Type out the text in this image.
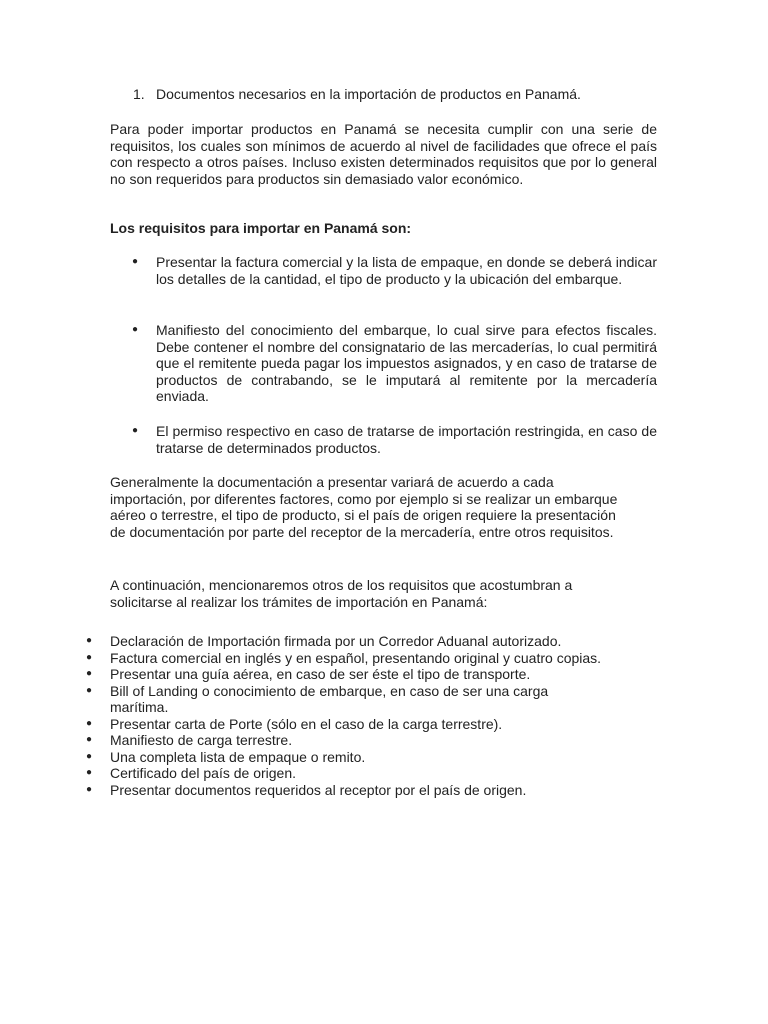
1. Documentos necesarios en la importación de productos en Panamá.
Para poder importar productos en Panamá se necesita cumplir con una serie de requisitos, los cuales son mínimos de acuerdo al nivel de facilidades que ofrece el país con respecto a otros países. Incluso existen determinados requisitos que por lo general no son requeridos para productos sin demasiado valor económico.
Los requisitos para importar en Panamá son:
● Presentar la factura comercial y la lista de empaque, en donde se deberá indicar los detalles de la cantidad, el tipo de producto y la ubicación del embarque.
● Manifiesto del conocimiento del embarque, lo cual sirve para efectos fiscales. Debe contener el nombre del consignatario de las mercaderías, lo cual permitirá que el remitente pueda pagar los impuestos asignados, y en caso de tratarse de productos de contrabando, se le imputará al remitente por la mercadería enviada.
● El permiso respectivo en caso de tratarse de importación restringida, en caso de tratarse de determinados productos.
Generalmente la documentación a presentar variará de acuerdo a cada importación, por diferentes factores, como por ejemplo si se realizar un embarque aéreo o terrestre, el tipo de producto, si el país de origen requiere la presentación de documentación por parte del receptor de la mercadería, entre otros requisitos.
A continuación, mencionaremos otros de los requisitos que acostumbran a solicitarse al realizar los trámites de importación en Panamá:
● Declaración de Importación firmada por un Corredor Aduanal autorizado.
● Factura comercial en inglés y en español, presentando original y cuatro copias.
● Presentar una guía aérea, en caso de ser éste el tipo de transporte.
● Bill of Landing o conocimiento de embarque, en caso de ser una carga marítima.
● Presentar carta de Porte (sólo en el caso de la carga terrestre).
● Manifiesto de carga terrestre.
● Una completa lista de empaque o remito.
● Certificado del país de origen.
● Presentar documentos requeridos al receptor por el país de origen.
